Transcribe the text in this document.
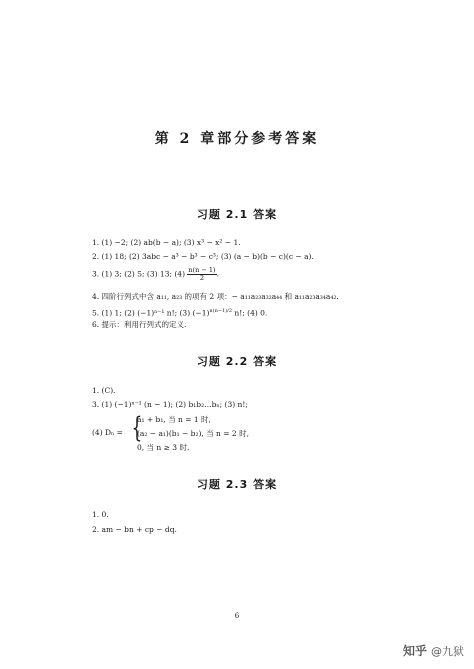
第 2 章部分参考答案
习题 2.1 答案
1. (1) −2; (2) ab(b − a); (3) x³ − x² − 1.
2. (1) 18; (2) 3abc − a³ − b³ − c³; (3) (a − b)(b − c)(c − a).
3. (1) 3; (2) 5; (3) 13; $(4) \frac{n(n - 1)}{2}$ .
4. 四阶行列式中含 a₁₁, a₂₃ 的项有 2 项：− a₁₁a₂₃a₃₂a₄₄ 和 a₁₁a₂₃a₃₄a₄₂.
5. (1) 1; (2) (−1)ⁿ⁻¹ n!; (3) $(-1)^{n(n-1)/2}$ n!; (4) 0.
6. 提示：利用行列式的定义.
习题 2.2 答案
1. (C).
3. (1) (−1)ⁿ⁻¹ (n − 1); (2) b₁b₂…bₙ; (3) n!;
(4) Dₙ = {
a₁ + b₁, 当 n = 1 时,
(a₂ − a₁)(b₁ − b₂), 当 n = 2 时,
0, 当 n ≥ 3 时.
习题 2.3 答案
1. 0.
2. am − bn + cp − dq.
6
知乎 @九狱
